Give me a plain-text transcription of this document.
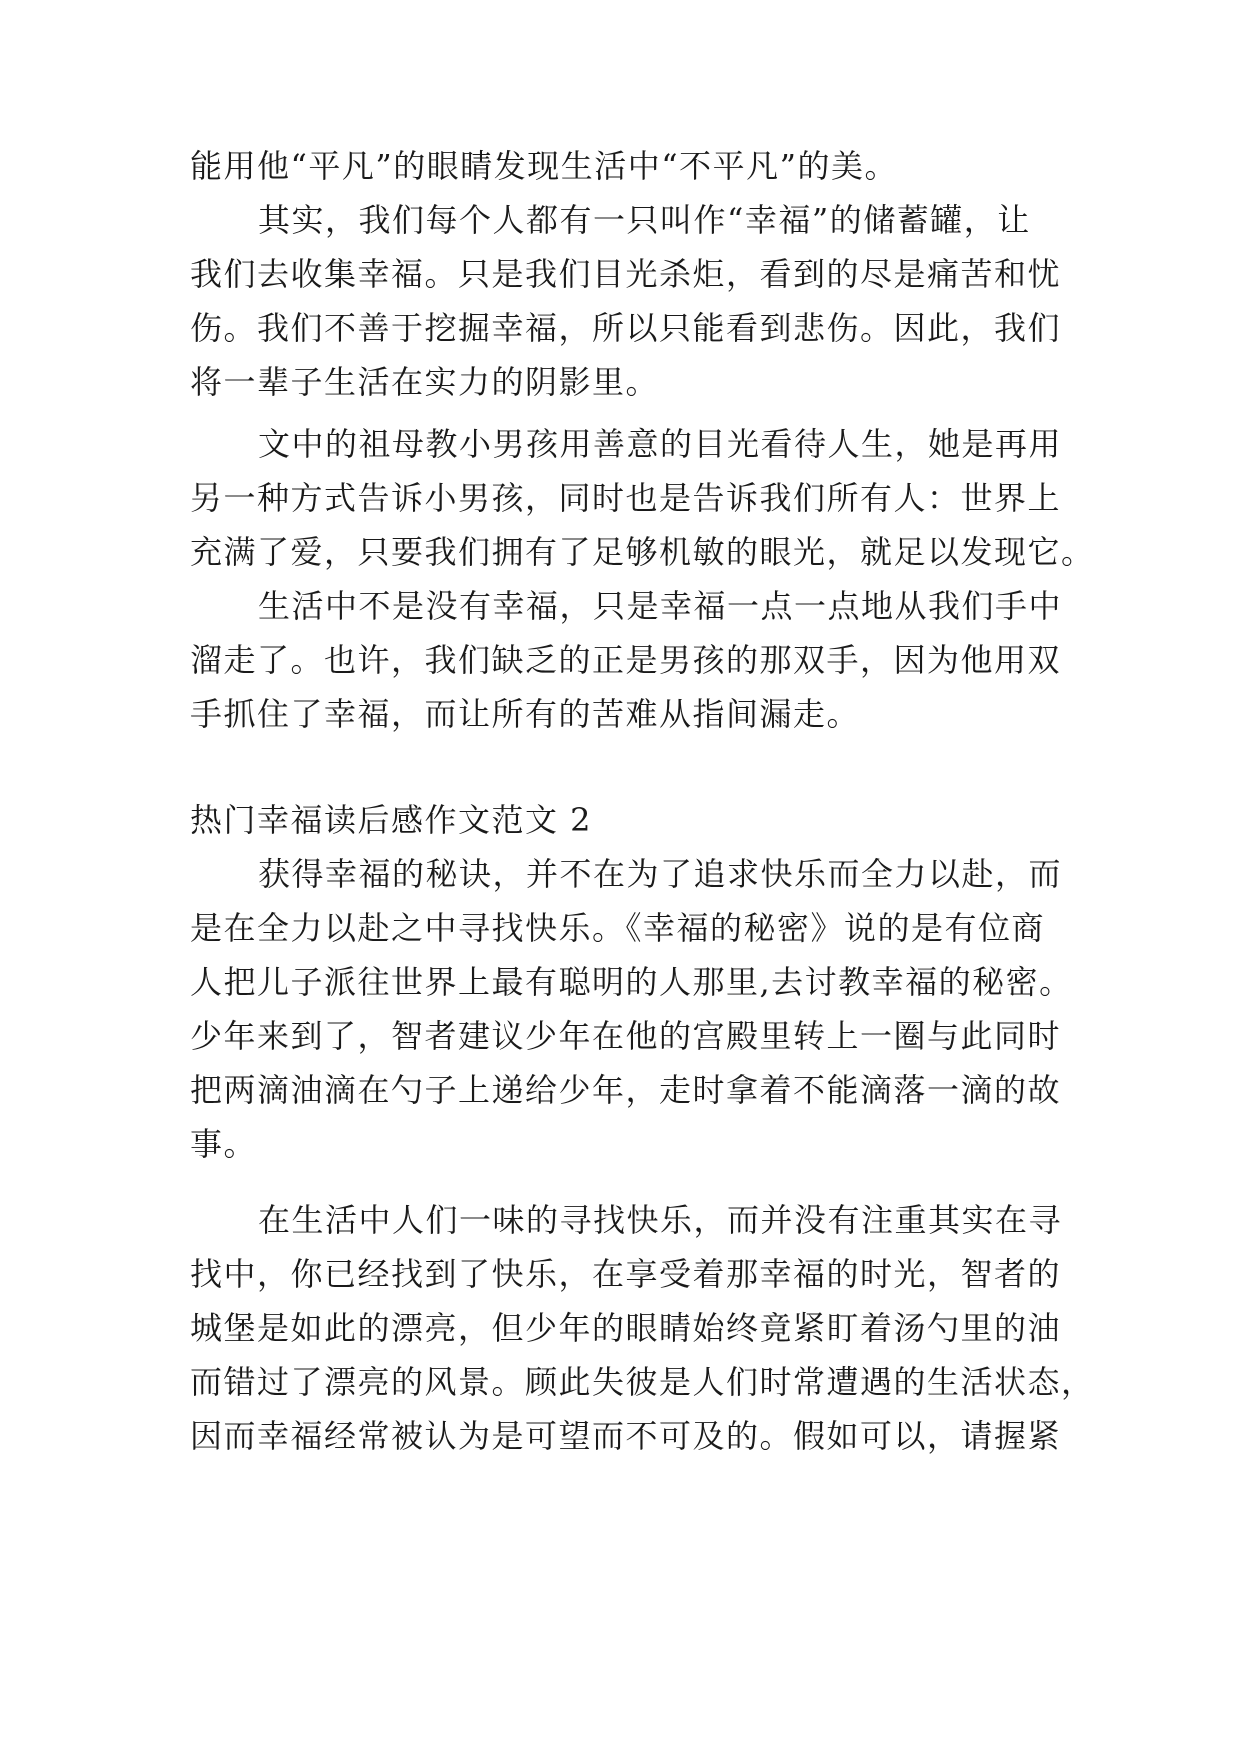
能用他“平凡”的眼睛发现生活中“不平凡”的美。
其实，我们每个人都有一只叫作“幸福”的储蓄罐，让
我们去收集幸福。只是我们目光杀炬，看到的尽是痛苦和忧
伤。我们不善于挖掘幸福，所以只能看到悲伤。因此，我们
将一辈子生活在实力的阴影里。
文中的祖母教小男孩用善意的目光看待人生，她是再用
另一种方式告诉小男孩，同时也是告诉我们所有人：世界上
充满了爱，只要我们拥有了足够机敏的眼光，就足以发现它。
生活中不是没有幸福，只是幸福一点一点地从我们手中
溜走了。也许，我们缺乏的正是男孩的那双手，因为他用双
手抓住了幸福，而让所有的苦难从指间漏走。
热门幸福读后感作文范文 2
获得幸福的秘诀，并不在为了追求快乐而全力以赴，而
是在全力以赴之中寻找快乐。《幸福的秘密》说的是有位商
人把儿子派往世界上最有聪明的人那里,去讨教幸福的秘密。
少年来到了，智者建议少年在他的宫殿里转上一圈与此同时
把两滴油滴在勺子上递给少年，走时拿着不能滴落一滴的故
事。
在生活中人们一味的寻找快乐，而并没有注重其实在寻
找中，你已经找到了快乐，在享受着那幸福的时光，智者的
城堡是如此的漂亮，但少年的眼睛始终竟紧盯着汤勺里的油
而错过了漂亮的风景。顾此失彼是人们时常遭遇的生活状态，
因而幸福经常被认为是可望而不可及的。假如可以，请握紧
